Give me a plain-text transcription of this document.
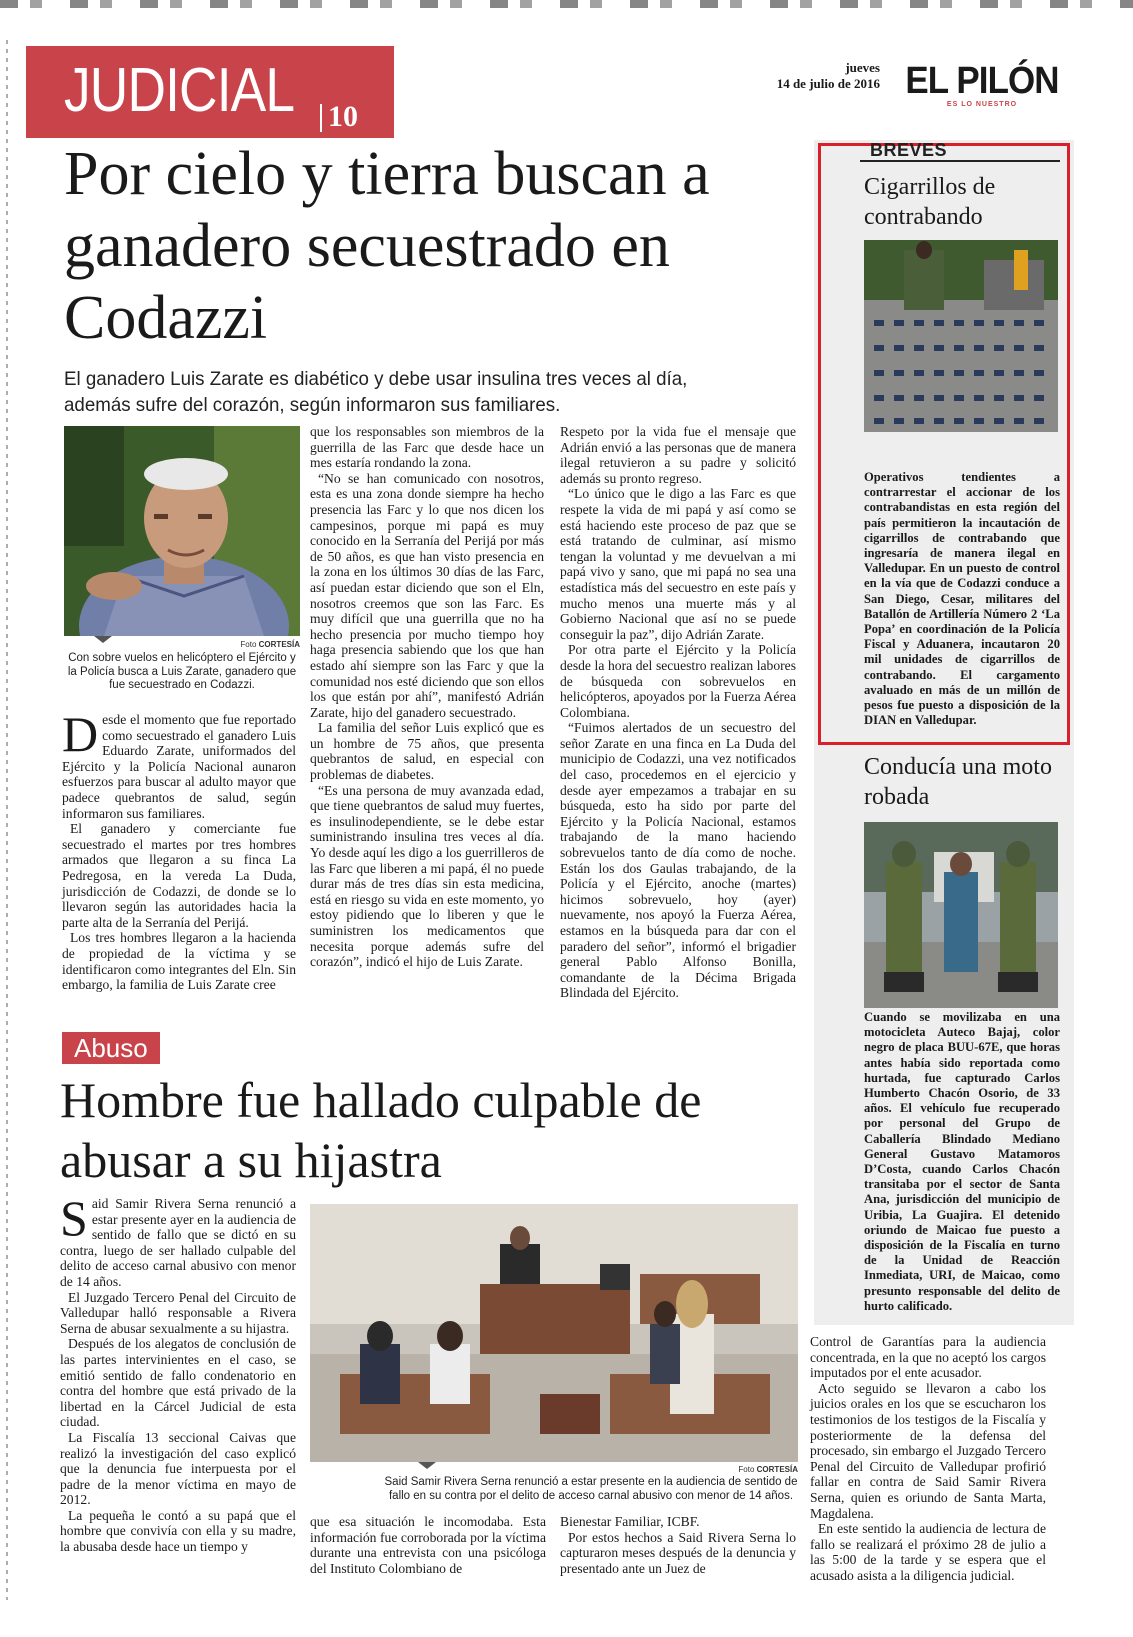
JUDICIAL 10
jueves
14 de julio de 2016 EL PILÓN
ES LO NUESTRO
Por cielo y tierra buscan a ganadero secuestrado en Codazzi
El ganadero Luis Zarate es diabético y debe usar insulina tres veces al día, además sufre del corazón, según informaron sus familiares.
Foto CORTESÍA
Con sobre vuelos en helicóptero el Ejército y la Policía busca a Luis Zarate, ganadero que fue secuestrado en Codazzi.

Desde el momento que fue reportado como secuestrado el ganadero Luis Eduardo Zarate, uniformados del Ejército y la Policía Nacional aunaron esfuerzos para buscar al adulto mayor que padece quebrantos de salud, según informaron sus familiares.

El ganadero y comerciante fue secuestrado el martes por tres hombres armados que llegaron a su finca La Pedregosa, en la vereda La Duda, jurisdicción de Codazzi, de donde se lo llevaron según las autoridades hacia la parte alta de la Serranía del Perijá.

Los tres hombres llegaron a la hacienda de propiedad de la víctima y se identificaron como integrantes del Eln. Sin embargo, la familia de Luis Zarate cree

que los responsables son miembros de la guerrilla de las Farc que desde hace un mes estaría rondando la zona.

“No se han comunicado con nosotros, esta es una zona donde siempre ha hecho presencia las Farc y lo que nos dicen los campesinos, porque mi papá es muy conocido en la Serranía del Perijá por más de 50 años, es que han visto presencia en la zona en los últimos 30 días de las Farc, así puedan estar diciendo que son el Eln, nosotros creemos que son las Farc. Es muy difícil que una guerrilla que no ha hecho presencia por mucho tiempo hoy haga presencia sabiendo que los que han estado ahí siempre son las Farc y que la comunidad nos esté diciendo que son ellos los que están por ahí”, manifestó Adrián Zarate, hijo del ganadero secuestrado.

La familia del señor Luis explicó que es un hombre de 75 años, que presenta quebrantos de salud, en especial con problemas de diabetes.

“Es una persona de muy avanzada edad, que tiene quebrantos de salud muy fuertes, es insulinodependiente, se le debe estar suministrando insulina tres veces al día. Yo desde aquí les digo a los guerrilleros de las Farc que liberen a mi papá, él no puede durar más de tres días sin esta medicina, está en riesgo su vida en este momento, yo estoy pidiendo que lo liberen y que le suministren los medicamentos que necesita porque además sufre del corazón”, indicó el hijo de Luis Zarate.

Respeto por la vida fue el mensaje que Adrián envió a las personas que de manera ilegal retuvieron a su padre y solicitó además su pronto regreso.

“Lo único que le digo a las Farc es que respete la vida de mi papá y así como se está haciendo este proceso de paz que se está tratando de culminar, así mismo tengan la voluntad y me devuelvan a mi papá vivo y sano, que mi papá no sea una estadística más del secuestro en este país y mucho menos una muerte más y al Gobierno Nacional que así no se puede conseguir la paz”, dijo Adrián Zarate.

Por otra parte el Ejército y la Policía desde la hora del secuestro realizan labores de búsqueda con sobrevuelos en helicópteros, apoyados por la Fuerza Aérea Colombiana.

“Fuimos alertados de un secuestro del señor Zarate en una finca en La Duda del municipio de Codazzi, una vez notificados del caso, procedemos en el ejercicio y desde ayer empezamos a trabajar en su búsqueda, esto ha sido por parte del Ejército y la Policía Nacional, estamos trabajando de la mano haciendo sobrevuelos tanto de día como de noche. Están los dos Gaulas trabajando, de la Policía y el Ejército, anoche (martes) hicimos sobrevuelo, hoy (ayer) nuevamente, nos apoyó la Fuerza Aérea, estamos en la búsqueda para dar con el paradero del señor”, informó el brigadier general Pablo Alfonso Bonilla, comandante de la Décima Brigada Blindada del Ejército.

Abuso
Hombre fue hallado culpable de abusar a su hijastra

Said Samir Rivera Serna renunció a estar presente ayer en la audiencia de sentido de fallo que se dictó en su contra, luego de ser hallado culpable del delito de acceso carnal abusivo con menor de 14 años.

El Juzgado Tercero Penal del Circuito de Valledupar halló responsable a Rivera Serna de abusar sexualmente a su hijastra.

Después de los alegatos de conclusión de las partes intervinientes en el caso, se emitió sentido de fallo condenatorio en contra del hombre que está privado de la libertad en la Cárcel Judicial de esta ciudad.

La Fiscalía 13 seccional Caivas que realizó la investigación del caso explicó que la denuncia fue interpuesta por el padre de la menor víctima en mayo de 2012.

La pequeña le contó a su papá que el hombre que convivía con ella y su madre, la abusaba desde hace un tiempo y

Foto CORTESÍA
Said Samir Rivera Serna renunció a estar presente en la audiencia de sentido de fallo en su contra por el delito de acceso carnal abusivo con menor de 14 años.

que esa situación le incomodaba. Esta información fue corroborada por la víctima durante una entrevista con una psicóloga del Instituto Colombiano de

Bienestar Familiar, ICBF.

Por estos hechos a Said Rivera Serna lo capturaron meses después de la denuncia y presentado ante un Juez de

Control de Garantías para la audiencia concentrada, en la que no aceptó los cargos imputados por el ente acusador.

Acto seguido se llevaron a cabo los juicios orales en los que se escucharon los testimonios de los testigos de la Fiscalía y posteriormente de la defensa del procesado, sin embargo el Juzgado Tercero Penal del Circuito de Valledupar profirió fallar en contra de Said Samir Rivera Serna, quien es oriundo de Santa Marta, Magdalena.

En este sentido la audiencia de lectura de fallo se realizará el próximo 28 de julio a las 5:00 de la tarde y se espera que el acusado asista a la diligencia judicial.

BREVES
Cigarrillos de contrabando
Operativos tendientes a contrarrestar el accionar de los contrabandistas en esta región del país permitieron la incautación de cigarrillos de contrabando que ingresaría de manera ilegal en Valledupar. En un puesto de control en la vía que de Codazzi conduce a San Diego, Cesar, militares del Batallón de Artillería Número 2 ‘La Popa’ en coordinación de la Policía Fiscal y Aduanera, incautaron 20 mil unidades de cigarrillos de contrabando. El cargamento avaluado en más de un millón de pesos fue puesto a disposición de la DIAN en Valledupar.
Conducía una moto robada
Cuando se movilizaba en una motocicleta Auteco Bajaj, color negro de placa BUU-67E, que horas antes había sido reportada como hurtada, fue capturado Carlos Humberto Chacón Osorio, de 33 años. El vehículo fue recuperado por personal del Grupo de Caballería Blindado Mediano General Gustavo Matamoros D’Costa, cuando Carlos Chacón transitaba por el sector de Santa Ana, jurisdicción del municipio de Uribia, La Guajira. El detenido oriundo de Maicao fue puesto a disposición de la Fiscalía en turno de la Unidad de Reacción Inmediata, URI, de Maicao, como presunto responsable del delito de hurto calificado.
